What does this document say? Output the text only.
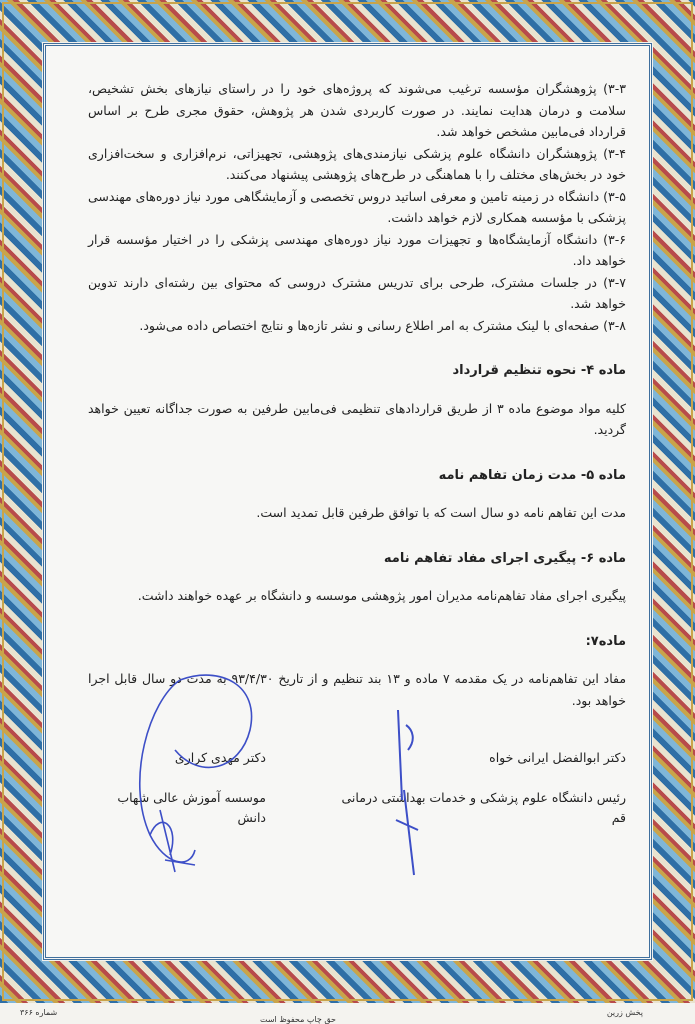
۳-۳) پژوهشگران مؤسسه ترغیب می‌شوند که پروژه‌های خود را در راستای نیازهای بخش تشخیص، سلامت و درمان هدایت نمایند. در صورت کاربردی شدن هر پژوهش، حقوق مجری طرح بر اساس قرارداد فی‌مابین مشخص خواهد شد.

۳-۴) پژوهشگران دانشگاه علوم پزشکی نیازمندی‌های پژوهشی، تجهیزاتی، نرم‌افزاری و سخت‌افزاری خود در بخش‌های مختلف را با هماهنگی در طرح‌های پژوهشی پیشنهاد می‌کنند.

۳-۵) دانشگاه در زمینه تامین و معرفی اساتید دروس تخصصی و آزمایشگاهی مورد نیاز دوره‌های مهندسی پزشکی با مؤسسه همکاری لازم خواهد داشت.

۳-۶) دانشگاه آزمایشگاه‌ها و تجهیزات مورد نیاز دوره‌های مهندسی پزشکی را در اختیار مؤسسه قرار خواهد داد.

۳-۷) در جلسات مشترک، طرحی برای تدریس مشترک دروسی که محتوای بین رشته‌ای دارند تدوین خواهد شد.

۳-۸) صفحه‌ای با لینک مشترک به امر اطلاع رسانی و نشر تازه‌ها و نتایج اختصاص داده می‌شود.

ماده ۴- نحوه تنظیم قرارداد

کلیه مواد موضوع ماده ۳ از طریق قراردادهای تنظیمی فی‌مابین طرفین به صورت جداگانه تعیین خواهد گردید.

ماده ۵- مدت زمان تفاهم نامه

مدت این تفاهم نامه دو سال است که با توافق طرفین قابل تمدید است.

ماده ۶- پیگیری اجرای مفاد تفاهم نامه

پیگیری اجرای مفاد تفاهم‌نامه مدیران امور پژوهشی موسسه و دانشگاه بر عهده خواهند داشت.

ماده۷:

مفاد این تفاهم‌نامه در یک مقدمه ۷ ماده و ۱۳ بند تنظیم و از تاریخ ۹۳/۴/۳۰ به مدت دو سال قابل اجرا خواهد بود.

دکتر ابوالفضل ایرانی خواه
رئیس دانشگاه علوم پزشکی و خدمات بهداشتی درمانی قم
دکتر مهدی کراری
موسسه آموزش عالی شهاب دانش
پخش زرین
حق چاپ محفوظ است
شماره ۳۶۶
